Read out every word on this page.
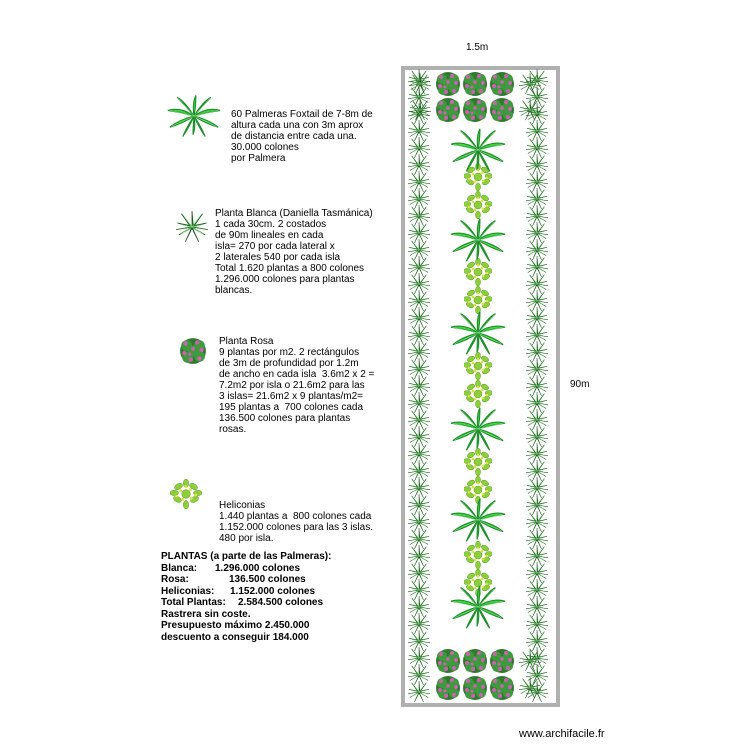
1.5m
90m

60 Palmeras Foxtail de 7-8m de
altura cada una con 3m aprox
de distancia entre cada una.
30.000 colones
por Palmera

Planta Blanca (Daniella Tasmánica)
1 cada 30cm. 2 costados
de 90m lineales en cada
isla= 270 por cada lateral x
2 laterales 540 por cada isla
Total 1.620 plantas a 800 colones
1.296.000 colones para plantas
blancas.

Planta Rosa
9 plantas por m2. 2 rectángulos
de 3m de profundidad por 1.2m
de ancho en cada isla  3.6m2 x 2 =
7.2m2 por isla o 21.6m2 para las
3 islas= 21.6m2 x 9 plantas/m2=
195 plantas a  700 colones cada
136.500 colones para plantas
rosas.

Heliconias
1.440 plantas a  800 colones cada
1.152.000 colones para las 3 islas.
480 por isla.

PLANTAS (a parte de las Palmeras):
Blanca: 1.296.000 colones
Rosa:	136.500 colones
Heliconias: 1.152.000 colones
Total Plantas: 2.584.500 colones
Rastrera sin coste.
Presupuesto máximo 2.450.000
descuento a conseguir 184.000
www.archifacile.fr
